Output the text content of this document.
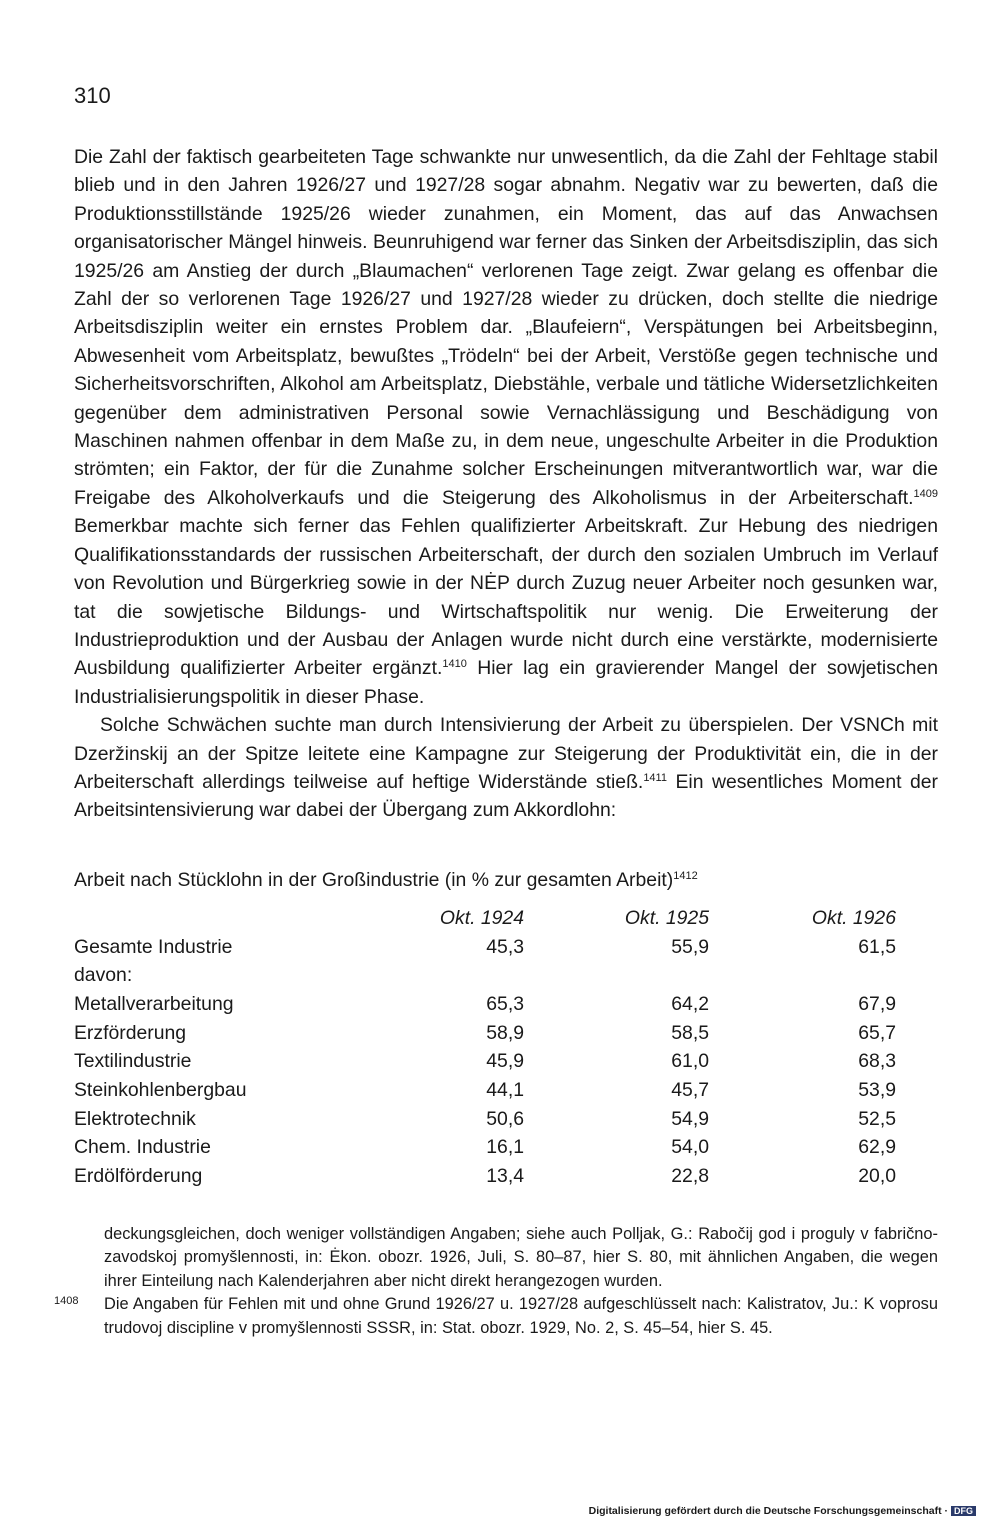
310

Die Zahl der faktisch gearbeiteten Tage schwankte nur unwesentlich, da die Zahl der Fehltage stabil blieb und in den Jahren 1926/27 und 1927/28 sogar abnahm. Negativ war zu bewerten, daß die Produktionsstillstände 1925/26 wieder zunahmen, ein Moment, das auf das Anwachsen organisatorischer Mängel hinweis. Beunruhigend war ferner das Sinken der Arbeitsdisziplin, das sich 1925/26 am Anstieg der durch „Blaumachen“ verlorenen Tage zeigt. Zwar gelang es offenbar die Zahl der so verlorenen Tage 1926/27 und 1927/28 wieder zu drücken, doch stellte die niedrige Arbeitsdisziplin weiter ein ernstes Problem dar. „Blaufeiern“, Verspätungen bei Arbeitsbeginn, Abwesenheit vom Arbeitsplatz, bewußtes „Trödeln“ bei der Arbeit, Verstöße gegen technische und Sicherheitsvorschriften, Alkohol am Arbeitsplatz, Diebstähle, verbale und tätliche Widersetzlichkeiten gegenüber dem administrativen Personal sowie Vernachlässigung und Beschädigung von Maschinen nahmen offenbar in dem Maße zu, in dem neue, ungeschulte Arbeiter in die Produktion strömten; ein Faktor, der für die Zunahme solcher Erscheinungen mitverantwortlich war, war die Freigabe des Alkoholverkaufs und die Steigerung des Alkoholismus in der Arbeiterschaft.$^{1409}$ Bemerkbar machte sich ferner das Fehlen qualifizierter Arbeitskraft. Zur Hebung des niedrigen Qualifikationsstandards der russischen Arbeiterschaft, der durch den sozialen Umbruch im Verlauf von Revolution und Bürgerkrieg sowie in der NĖP durch Zuzug neuer Arbeiter noch gesunken war, tat die sowjetische Bildungs- und Wirtschaftspolitik nur wenig. Die Erweiterung der Industrieproduktion und der Ausbau der Anlagen wurde nicht durch eine verstärkte, modernisierte Ausbildung qualifizierter Arbeiter ergänzt.$^{1410}$ Hier lag ein gravierender Mangel der sowjetischen Industrialisierungspolitik in dieser Phase.

Solche Schwächen suchte man durch Intensivierung der Arbeit zu überspielen. Der VSNCh mit Dzeržinskij an der Spitze leitete eine Kampagne zur Steigerung der Produktivität ein, die in der Arbeiterschaft allerdings teilweise auf heftige Widerstände stieß.$^{1411}$ Ein wesentliches Moment der Arbeitsintensivierung war dabei der Übergang zum Akkordlohn:

Arbeit nach Stücklohn in der Großindustrie (in % zur gesamten Arbeit)$^{1412}$
	Okt. 1924	Okt. 1925	Okt. 1926
Gesamte Industrie	45,3	55,9	61,5
davon:			
Metallverarbeitung	65,3	64,2	67,9
Erzförderung	58,9	58,5	65,7
Textilindustrie	45,9	61,0	68,3
Steinkohlenbergbau	44,1	45,7	53,9
Elektrotechnik	50,6	54,9	52,5
Chem. Industrie	16,1	54,0	62,9
Erdölförderung	13,4	22,8	20,0

deckungsgleichen, doch weniger vollständigen Angaben; siehe auch Polljak, G.: Rabočij god i proguly v fabrično-zavodskoj promyšlennosti, in: Ėkon. obozr. 1926, Juli, S. 80–87, hier S. 80, mit ähnlichen Angaben, die wegen ihrer Einteilung nach Kalenderjahren aber nicht direkt herangezogen wurden.

1408 Die Angaben für Fehlen mit und ohne Grund 1926/27 u. 1927/28 aufgeschlüsselt nach: Kalistratov, Ju.: K voprosu trudovoj discipline v promyšlennosti SSSR, in: Stat. obozr. 1929, No. 2, S. 45–54, hier S. 45.

Digitalisierung gefördert durch die Deutsche Forschungsgemeinschaft · DFG
